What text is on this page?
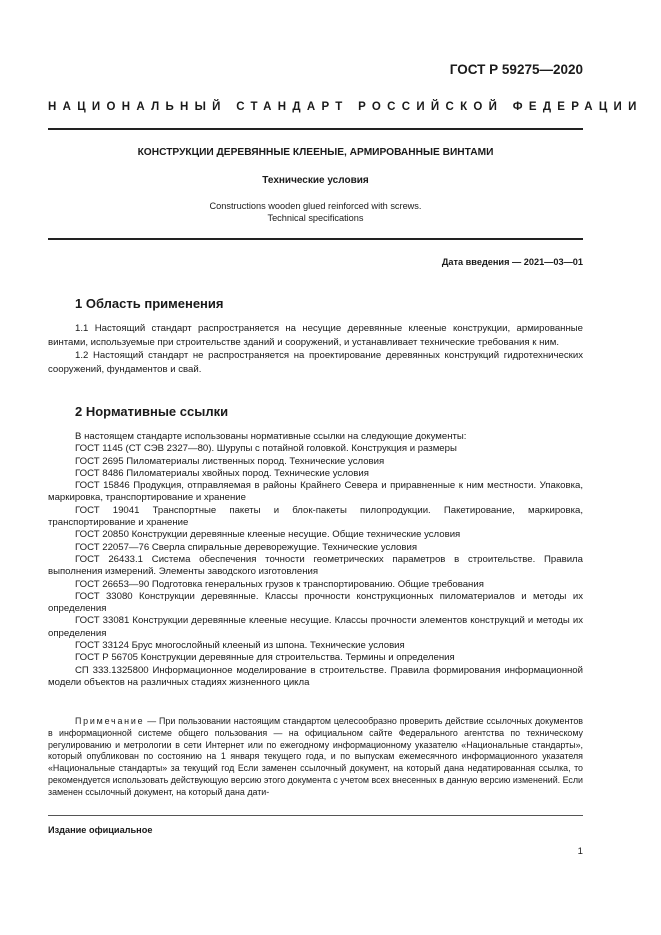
ГОСТ Р 59275—2020
НАЦИОНАЛЬНЫЙ СТАНДАРТ РОССИЙСКОЙ ФЕДЕРАЦИИ
КОНСТРУКЦИИ ДЕРЕВЯННЫЕ КЛЕЕНЫЕ, АРМИРОВАННЫЕ ВИНТАМИ
Технические условия
Constructions wooden glued reinforced with screws.
Technical specifications
Дата введения — 2021—03—01
1 Область применения

1.1 Настоящий стандарт распространяется на несущие деревянные клееные конструкции, армированные винтами, используемые при строительстве зданий и сооружений, и устанавливает технические требования к ним.

1.2 Настоящий стандарт не распространяется на проектирование деревянных конструкций гидротехнических сооружений, фундаментов и свай.

2 Нормативные ссылки

В настоящем стандарте использованы нормативные ссылки на следующие документы:

ГОСТ 1145 (СТ СЭВ 2327—80). Шурупы с потайной головкой. Конструкция и размеры

ГОСТ 2695 Пиломатериалы лиственных пород. Технические условия

ГОСТ 8486 Пиломатериалы хвойных пород. Технические условия

ГОСТ 15846 Продукция, отправляемая в районы Крайнего Севера и приравненные к ним местности. Упаковка, маркировка, транспортирование и хранение

ГОСТ 19041 Транспортные пакеты и блок-пакеты пилопродукции. Пакетирование, маркировка, транспортирование и хранение

ГОСТ 20850 Конструкции деревянные клееные несущие. Общие технические условия

ГОСТ 22057—76 Сверла спиральные дереворежущие. Технические условия

ГОСТ 26433.1 Система обеспечения точности геометрических параметров в строительстве. Правила выполнения измерений. Элементы заводского изготовления

ГОСТ 26653—90 Подготовка генеральных грузов к транспортированию. Общие требования

ГОСТ 33080 Конструкции деревянные. Классы прочности конструкционных пиломатериалов и методы их определения

ГОСТ 33081 Конструкции деревянные клееные несущие. Классы прочности элементов конструкций и методы их определения

ГОСТ 33124 Брус многослойный клееный из шпона. Технические условия

ГОСТ Р 56705 Конструкции деревянные для строительства. Термины и определения

СП 333.1325800 Информационное моделирование в строительстве. Правила формирования информационной модели объектов на различных стадиях жизненного цикла

Примечание — При пользовании настоящим стандартом целесообразно проверить действие ссылочных документов в информационной системе общего пользования — на официальном сайте Федерального агентства по техническому регулированию и метрологии в сети Интернет или по ежегодному информационному указателю «Национальные стандарты», который опубликован по состоянию на 1 января текущего года, и по выпускам ежемесячного информационного указателя «Национальные стандарты» за текущий год Если заменен ссылочный документ, на который дана недатированная ссылка, то рекомендуется использовать действующую версию этого документа с учетом всех внесенных в данную версию изменений. Если заменен ссылочный документ, на который дана дати-

Издание официальное
1
